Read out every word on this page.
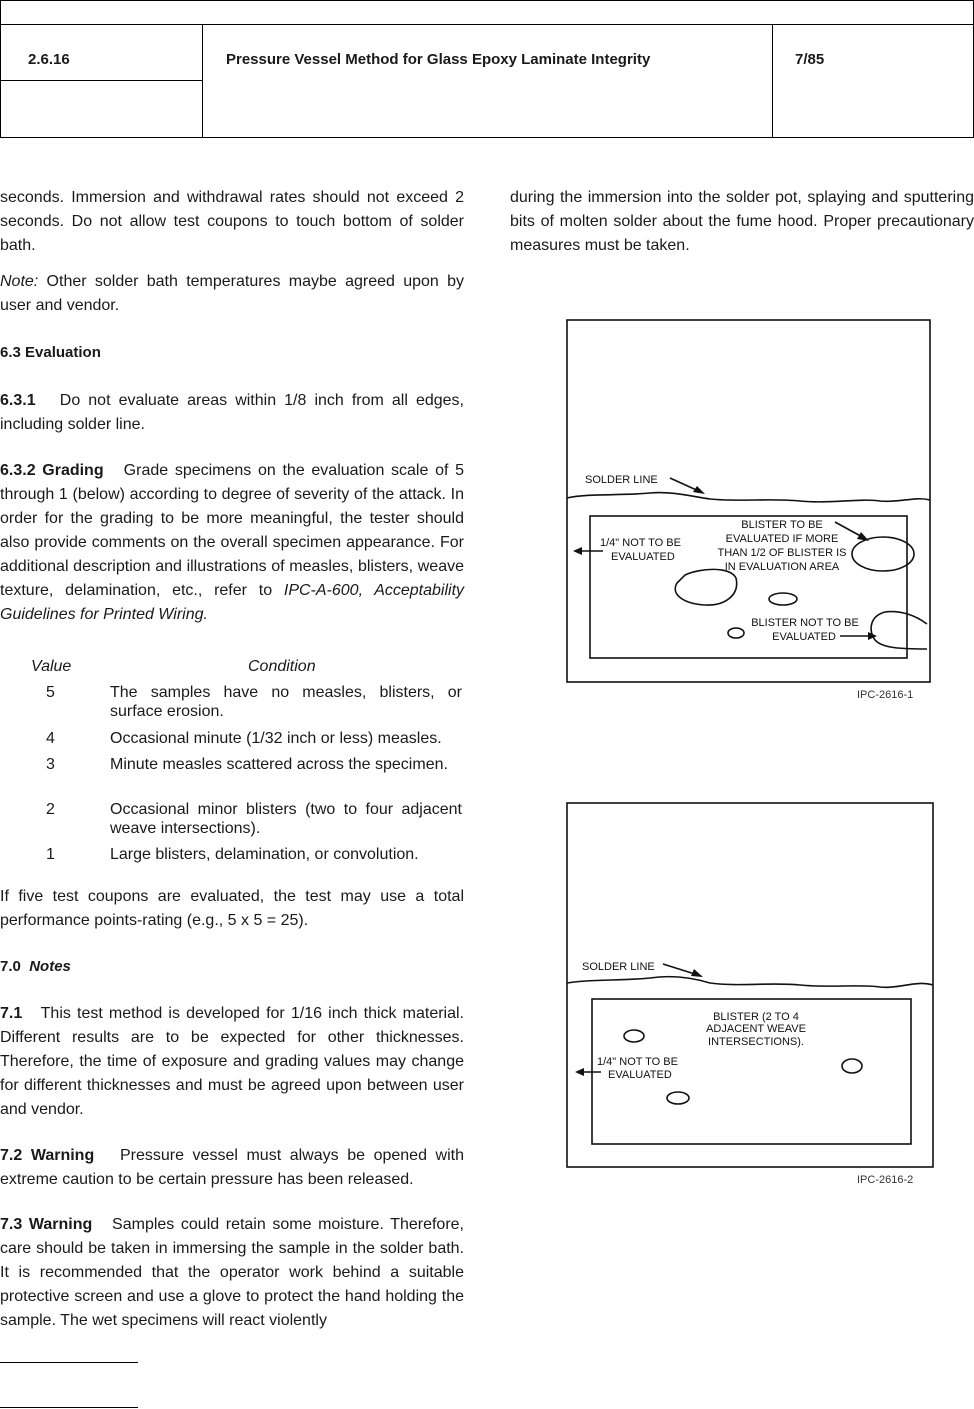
2.6.16	Pressure Vessel Method for Glass Epoxy Laminate Integrity	7/85
seconds. Immersion and withdrawal rates should not exceed 2 seconds. Do not allow test coupons to touch bottom of solder bath.
Note: Other solder bath temperatures maybe agreed upon by user and vendor.
6.3 Evaluation
6.3.1 Do not evaluate areas within 1/8 inch from all edges, including solder line.
6.3.2 Grading Grade specimens on the evaluation scale of 5 through 1 (below) according to degree of severity of the attack. In order for the grading to be more meaningful, the tester should also provide comments on the overall specimen appearance. For additional description and illustrations of measles, blisters, weave texture, delamination, etc., refer to IPC-A-600, Acceptability Guidelines for Printed Wiring.
Value	Condition
5	The samples have no measles, blisters, or surface erosion.
4	Occasional minute (1/32 inch or less) measles.
3	Minute measles scattered across the specimen.
2	Occasional minor blisters (two to four adjacent weave intersections).
1	Large blisters, delamination, or convolution.
If five test coupons are evaluated, the test may use a total performance points-rating (e.g., 5 x 5 = 25).
7.0 Notes
7.1 This test method is developed for 1/16 inch thick material. Different results are to be expected for other thicknesses. Therefore, the time of exposure and grading values may change for different thicknesses and must be agreed upon between user and vendor.
7.2 Warning Pressure vessel must always be opened with extreme caution to be certain pressure has been released.
7.3 Warning Samples could retain some moisture. Therefore, care should be taken in immersing the sample in the solder bath. It is recommended that the operator work behind a suitable protective screen and use a glove to protect the hand holding the sample. The wet specimens will react violently
during the immersion into the solder pot, splaying and sputtering bits of molten solder about the fume hood. Proper precautionary measures must be taken.
SOLDER LINE
1/4" NOT TO BE
EVALUATED
BLISTER TO BE
EVALUATED IF MORE
THAN 1/2 OF BLISTER IS
IN EVALUATION AREA
BLISTER NOT TO BE
EVALUATED
IPC-2616-1
SOLDER LINE
BLISTER (2 TO 4
ADJACENT WEAVE
INTERSECTIONS).
1/4" NOT TO BE
EVALUATED
IPC-2616-2
